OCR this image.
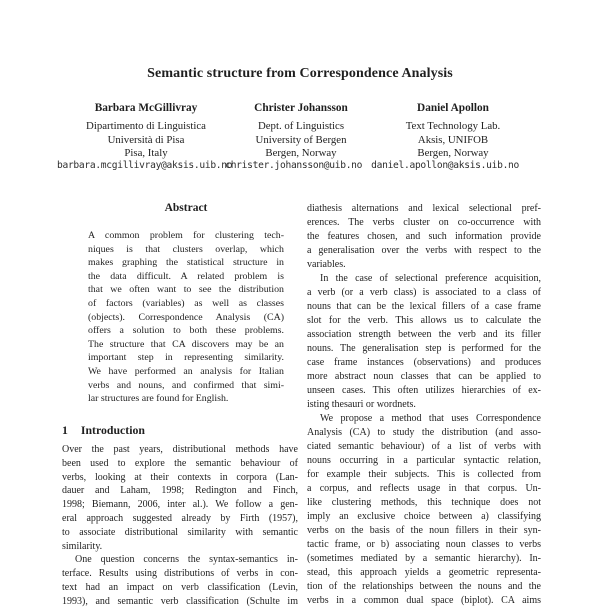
Semantic structure from Correspondence Analysis
Barbara McGillivray
Dipartimento di Linguistica
Università di Pisa
Pisa, Italy
Christer Johansson
Dept. of Linguistics
University of Bergen
Bergen, Norway
Daniel Apollon
Text Technology Lab.
Aksis, UNIFOB
Bergen, Norway
barbara.mcgillivray@aksis.uib.nochrister.johansson@uib.no daniel.apollon@aksis.uib.no
Abstract
A common problem for clustering tech-
niques is that clusters overlap, which
makes graphing the statistical structure in
the data difficult. A related problem is
that we often want to see the distribution
of factors (variables) as well as classes
(objects). Correspondence Analysis (CA)
offers a solution to both these problems.
The structure that CA discovers may be an
important step in representing similarity.
We have performed an analysis for Italian
verbs and nouns, and confirmed that simi-
lar structures are found for English.
1 Introduction
Over the past years, distributional methods have
been used to explore the semantic behaviour of
verbs, looking at their contexts in corpora (Lan-
dauer and Laham, 1998; Redington and Finch,
1998; Biemann, 2006, inter al.). We follow a gen-
eral approach suggested already by Firth (1957),
to associate distributional similarity with semantic
similarity.
One question concerns the syntax-semantics in-
terface. Results using distributions of verbs in con-
text had an impact on verb classification (Levin,
1993), and semantic verb classification (Schulte im
diathesis alternations and lexical selectional pref-
erences. The verbs cluster on co-occurrence with
the features chosen, and such information provide
a generalisation over the verbs with respect to the
variables.
In the case of selectional preference acquisition,
a verb (or a verb class) is associated to a class of
nouns that can be the lexical fillers of a case frame
slot for the verb. This allows us to calculate the
association strength between the verb and its filler
nouns. The generalisation step is performed for the
case frame instances (observations) and produces
more abstract noun classes that can be applied to
unseen cases. This often utilizes hierarchies of ex-
isting thesauri or wordnets.
We propose a method that uses Correspondence
Analysis (CA) to study the distribution (and asso-
ciated semantic behaviour) of a list of verbs with
nouns occurring in a particular syntactic relation,
for example their subjects. This is collected from
a corpus, and reflects usage in that corpus. Un-
like clustering methods, this technique does not
imply an exclusive choice between a) classifying
verbs on the basis of the noun fillers in their syn-
tactic frame, or b) associating noun classes to verbs
(sometimes mediated by a semantic hierarchy). In-
stead, this approach yields a geometric representa-
tion of the relationships between the nouns and the
verbs in a common dual space (biplot). CA aims
